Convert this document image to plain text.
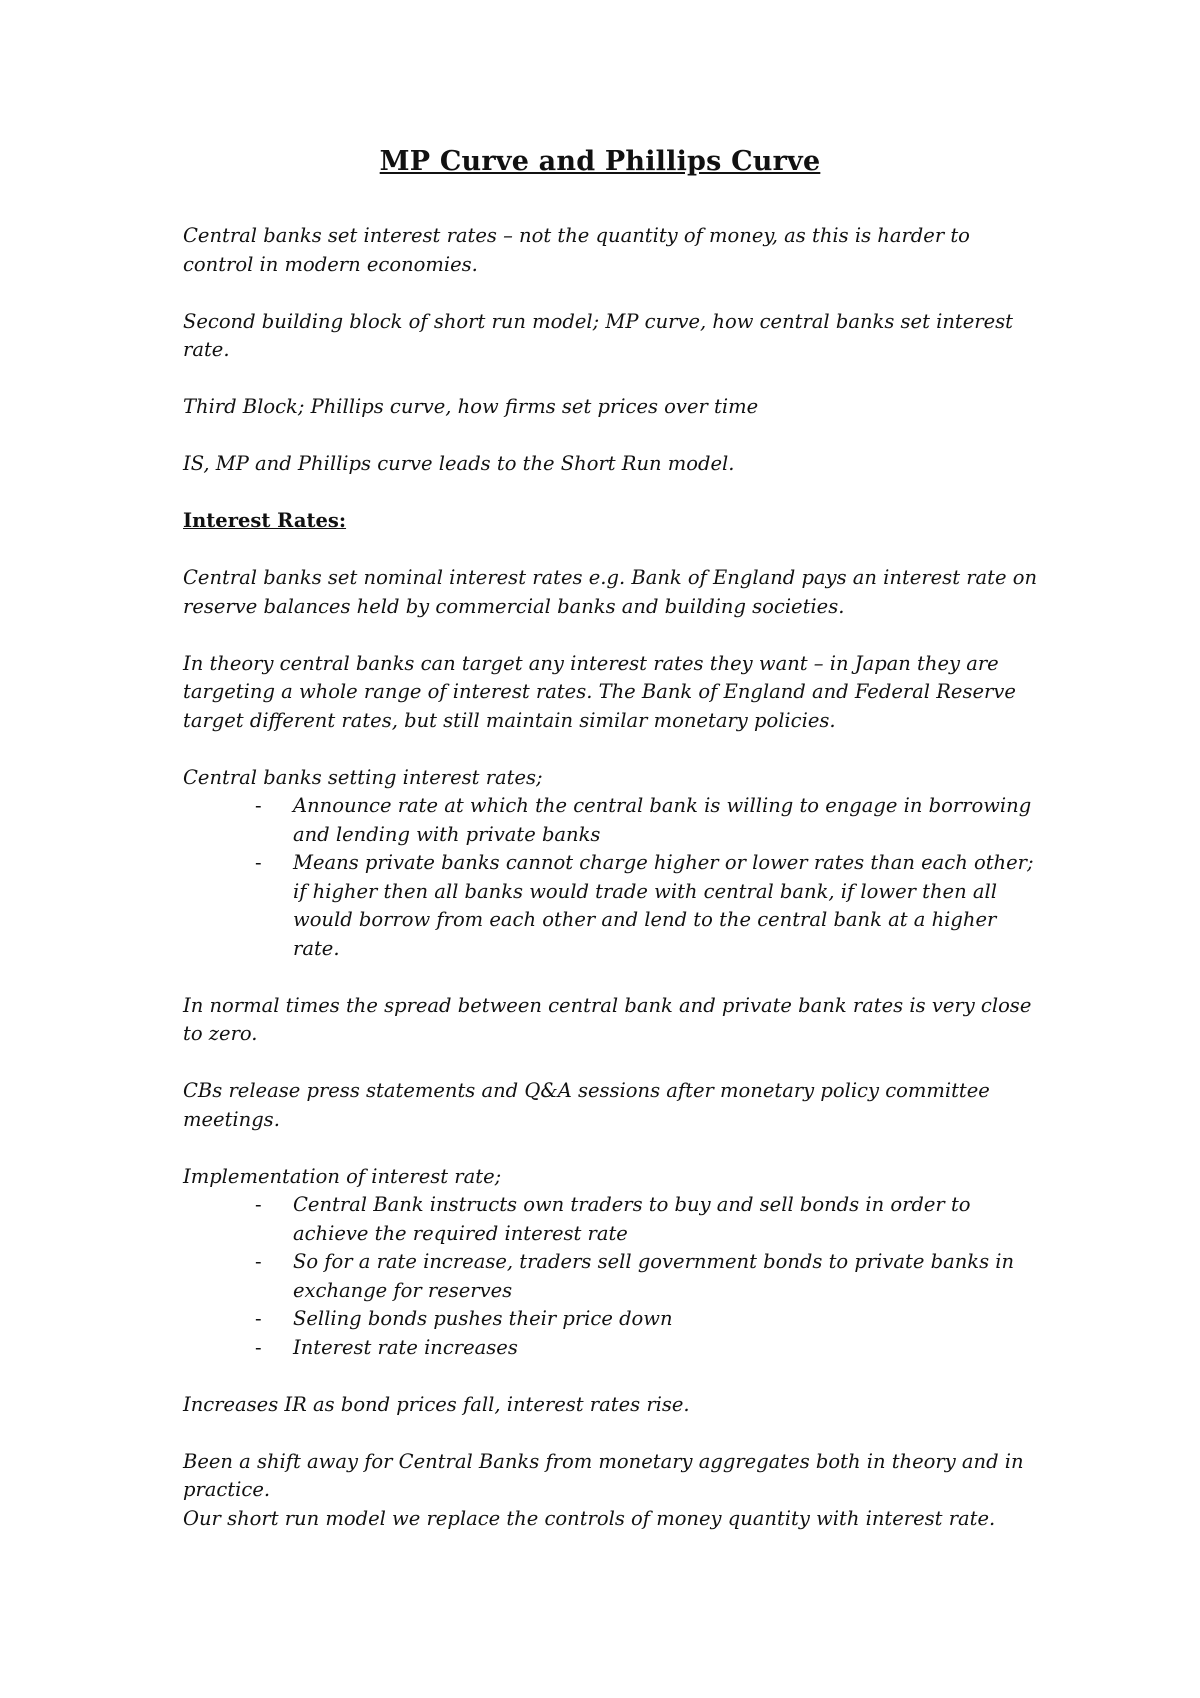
MP Curve and Phillips Curve

Central banks set interest rates – not the quantity of money, as this is harder to control in modern economies.

Second building block of short run model; MP curve, how central banks set interest rate.

Third Block; Phillips curve, how firms set prices over time

IS, MP and Phillips curve leads to the Short Run model.

Interest Rates:

Central banks set nominal interest rates e.g. Bank of England pays an interest rate on reserve balances held by commercial banks and building societies.

In theory central banks can target any interest rates they want – in Japan they are targeting a whole range of interest rates. The Bank of England and Federal Reserve target different rates, but still maintain similar monetary policies.

Central banks setting interest rates;

- Announce rate at which the central bank is willing to engage in borrowing and lending with private banks
- Means private banks cannot charge higher or lower rates than each other; if higher then all banks would trade with central bank, if lower then all would borrow from each other and lend to the central bank at a higher rate.

In normal times the spread between central bank and private bank rates is very close to zero.

CBs release press statements and Q&A sessions after monetary policy committee meetings.

Implementation of interest rate;

- Central Bank instructs own traders to buy and sell bonds in order to achieve the required interest rate
- So for a rate increase, traders sell government bonds to private banks in exchange for reserves
- Selling bonds pushes their price down
- Interest rate increases

Increases IR as bond prices fall, interest rates rise.

Been a shift away for Central Banks from monetary aggregates both in theory and in practice.

Our short run model we replace the controls of money quantity with interest rate.
